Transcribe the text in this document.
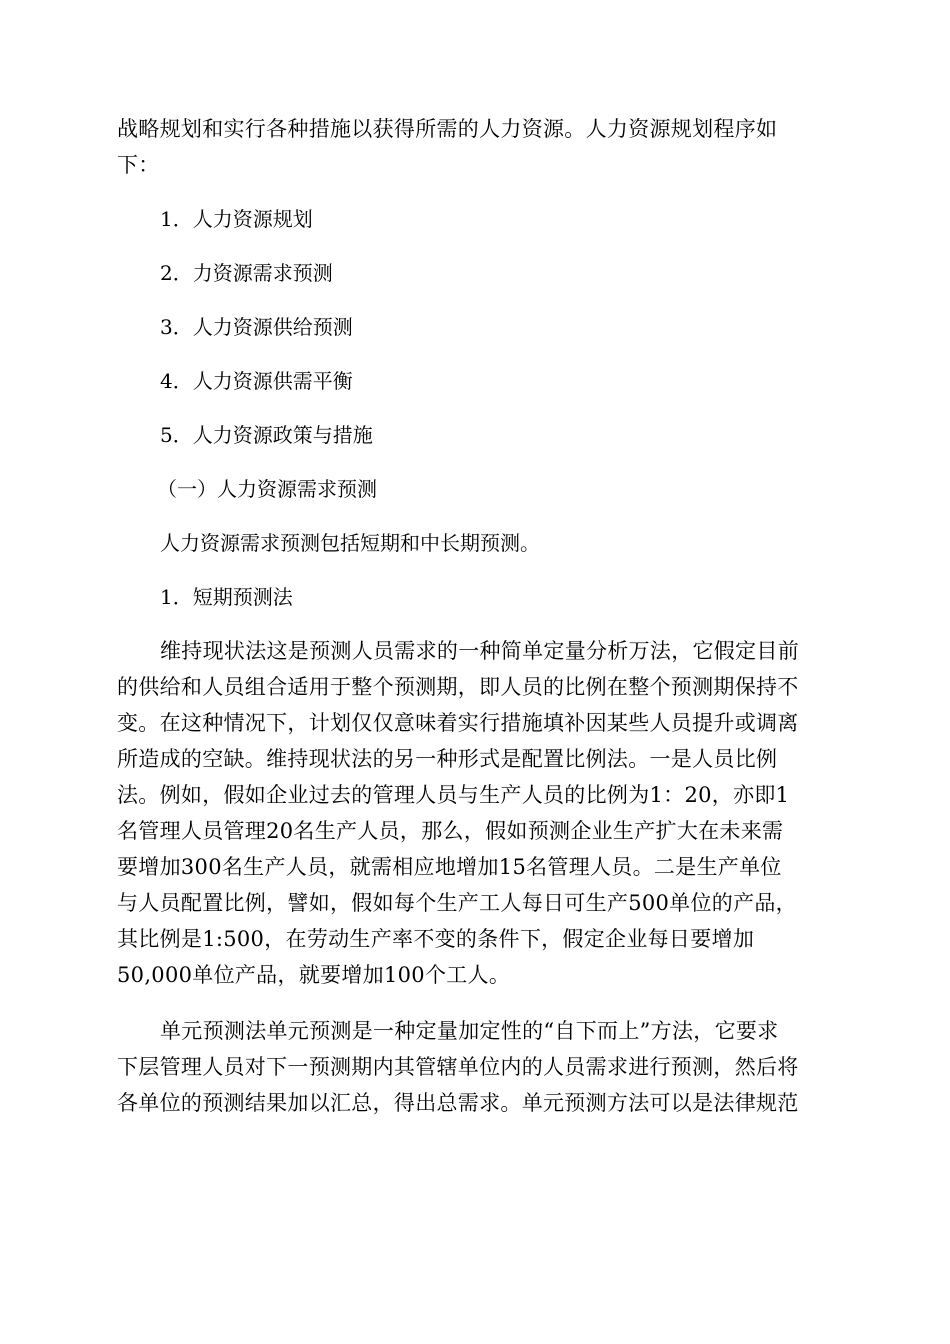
战略规划和实行各种措施以获得所需的人力资源。人力资源规划程序如
下：
1．人力资源规划
2．力资源需求预测
3．人力资源供给预测
4．人力资源供需平衡
5．人力资源政策与措施
（一）人力资源需求预测
人力资源需求预测包括短期和中长期预测。
1．短期预测法
维持现状法这是预测人员需求的一种简单定量分析万法，它假定目前
的供给和人员组合适用于整个预测期，即人员的比例在整个预测期保持不
变。在这种情况下，计划仅仅意味着实行措施填补因某些人员提升或调离
所造成的空缺。维持现状法的另一种形式是配置比例法。一是人员比例
法。例如，假如企业过去的管理人员与生产人员的比例为1：20，亦即1
名管理人员管理20名生产人员，那么，假如预测企业生产扩大在未来需
要增加300名生产人员，就需相应地增加15名管理人员。二是生产单位
与人员配置比例，譬如，假如每个生产工人每日可生产500单位的产品，
其比例是1:500，在劳动生产率不变的条件下，假定企业每日要增加
50,000单位产品，就要增加100个工人。
单元预测法单元预测是一种定量加定性的“自下而上”方法，它要求
下层管理人员对下一预测期内其管辖单位内的人员需求进行预测，然后将
各单位的预测结果加以汇总，得出总需求。单元预测方法可以是法律规范
